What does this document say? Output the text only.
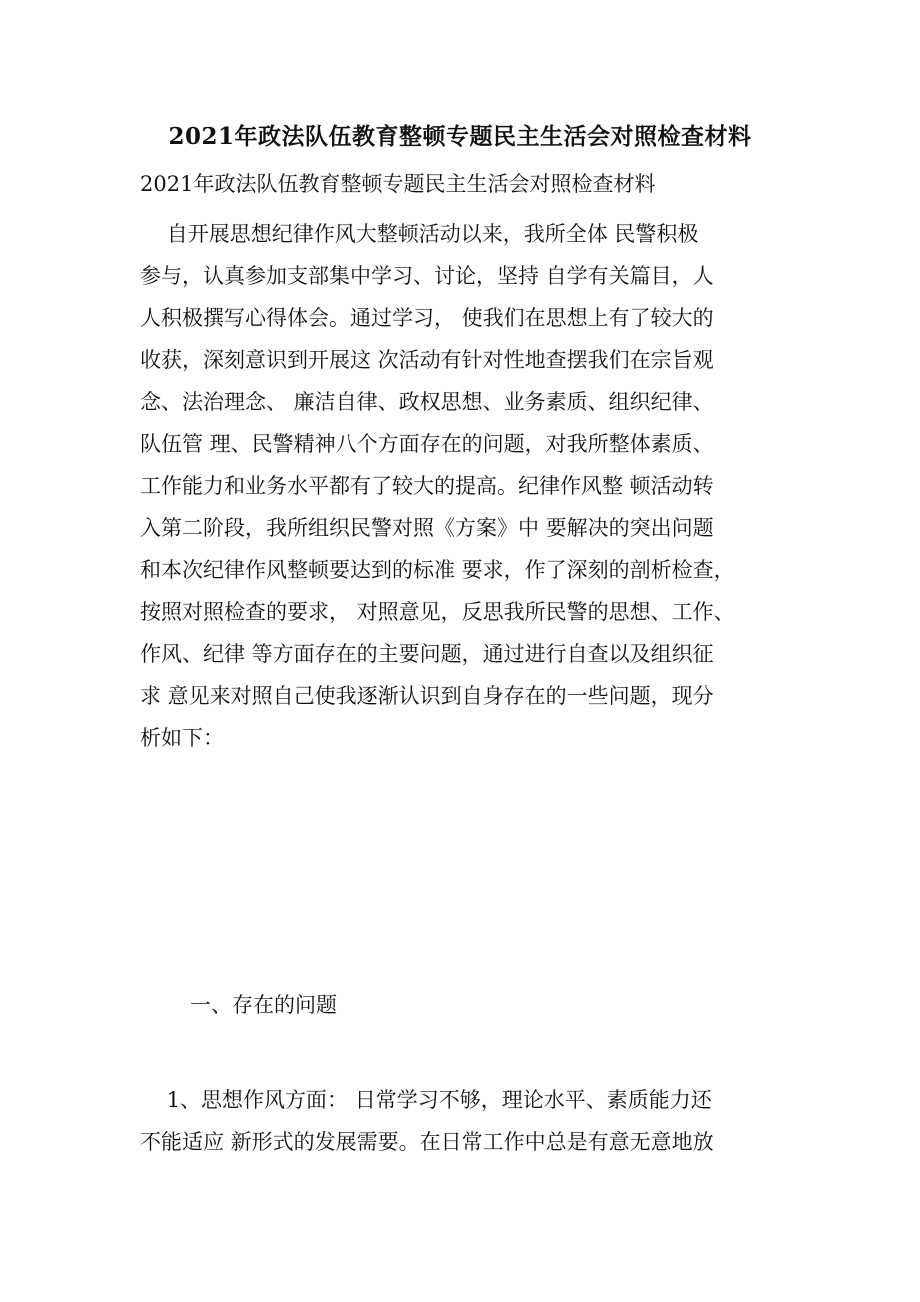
2021年政法队伍教育整顿专题民主生活会对照检查材料
2021年政法队伍教育整顿专题民主生活会对照检查材料
自开展思想纪律作风大整顿活动以来，我所全体 民警积极
参与，认真参加支部集中学习、讨论，坚持 自学有关篇目，人
人积极撰写心得体会。通过学习， 使我们在思想上有了较大的
收获，深刻意识到开展这 次活动有针对性地查摆我们在宗旨观
念、法治理念、 廉洁自律、政权思想、业务素质、组织纪律、
队伍管 理、民警精神八个方面存在的问题，对我所整体素质、
工作能力和业务水平都有了较大的提高。纪律作风整 顿活动转
入第二阶段，我所组织民警对照《方案》中 要解决的突出问题
和本次纪律作风整顿要达到的标准 要求，作了深刻的剖析检查，
按照对照检查的要求， 对照意见，反思我所民警的思想、工作、
作风、纪律 等方面存在的主要问题，通过进行自查以及组织征
求 意见来对照自己使我逐渐认识到自身存在的一些问题，现分
析如下：
一、存在的问题
1、思想作风方面： 日常学习不够，理论水平、素质能力还
不能适应 新形式的发展需要。在日常工作中总是有意无意地放
